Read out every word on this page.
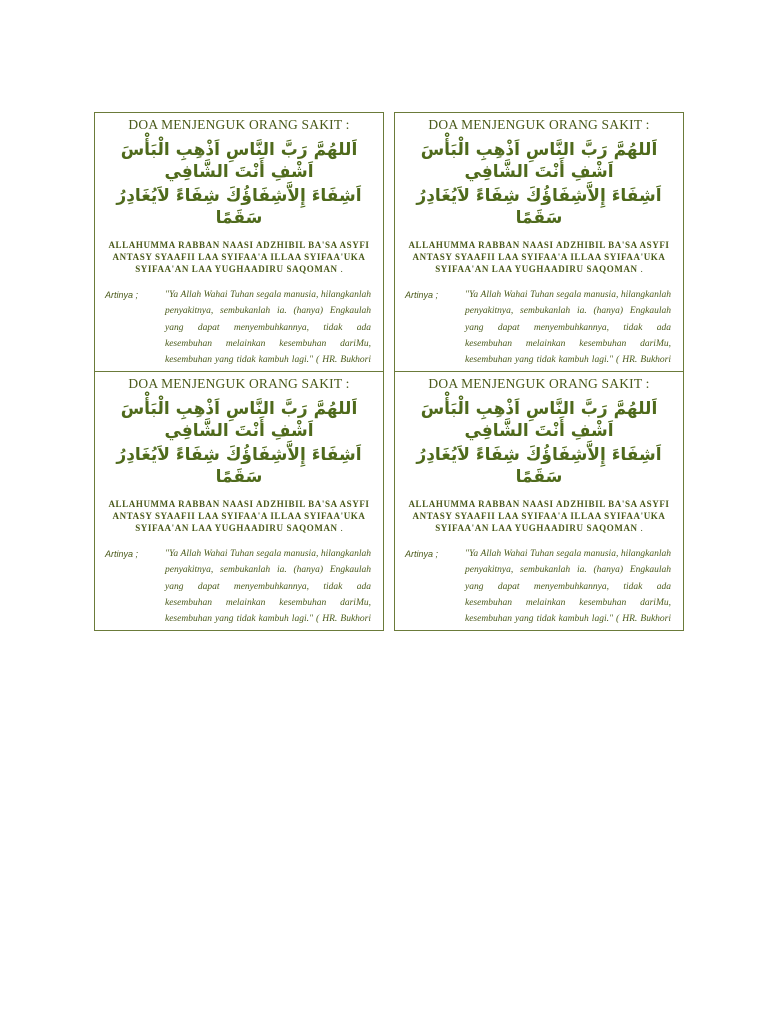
DOA MENJENGUK ORANG SAKIT :
اَللهُمَّ رَبَّ النَّاسِ اَذْهِبِ الْبَأْسَ اَشْفِ أَنْتَ الشَّافِي
اَشِفَاءَ إِلاَّشِفَاؤُكَ شِفَاءً لاَيُغَادِرُ سَقَمًا
ALLAHUMMA RABBAN NAASI ADZHIBIL BA'SA ASYFI ANTASY SYAAFII LAA SYIFAA'A ILLAA SYIFAA'UKA SYIFAA'AN LAA YUGHAADIRU SAQOMAN .
Artinya ;	"Ya Allah Wahai Tuhan segala manusia, hilangkanlah penyakitnya, sembukanlah ia. (hanya) Engkaulah yang dapat menyembuhkannya, tidak ada kesembuhan melainkan kesembuhan dariMu, kesembuhan yang tidak kambuh lagi." ( HR. Bukhori
DOA MENJENGUK ORANG SAKIT :
اَللهُمَّ رَبَّ النَّاسِ اَذْهِبِ الْبَأْسَ اَشْفِ أَنْتَ الشَّافِي
اَشِفَاءَ إِلاَّشِفَاؤُكَ شِفَاءً لاَيُغَادِرُ سَقَمًا
ALLAHUMMA RABBAN NAASI ADZHIBIL BA'SA ASYFI ANTASY SYAAFII LAA SYIFAA'A ILLAA SYIFAA'UKA SYIFAA'AN LAA YUGHAADIRU SAQOMAN .
Artinya ;	"Ya Allah Wahai Tuhan segala manusia, hilangkanlah penyakitnya, sembukanlah ia. (hanya) Engkaulah yang dapat menyembuhkannya, tidak ada kesembuhan melainkan kesembuhan dariMu, kesembuhan yang tidak kambuh lagi." ( HR. Bukhori
DOA MENJENGUK ORANG SAKIT :
اَللهُمَّ رَبَّ النَّاسِ اَذْهِبِ الْبَأْسَ اَشْفِ أَنْتَ الشَّافِي
اَشِفَاءَ إِلاَّشِفَاؤُكَ شِفَاءً لاَيُغَادِرُ سَقَمًا
ALLAHUMMA RABBAN NAASI ADZHIBIL BA'SA ASYFI ANTASY SYAAFII LAA SYIFAA'A ILLAA SYIFAA'UKA SYIFAA'AN LAA YUGHAADIRU SAQOMAN .
Artinya ;	"Ya Allah Wahai Tuhan segala manusia, hilangkanlah penyakitnya, sembukanlah ia. (hanya) Engkaulah yang dapat menyembuhkannya, tidak ada kesembuhan melainkan kesembuhan dariMu, kesembuhan yang tidak kambuh lagi." ( HR. Bukhori
DOA MENJENGUK ORANG SAKIT :
اَللهُمَّ رَبَّ النَّاسِ اَذْهِبِ الْبَأْسَ اَشْفِ أَنْتَ الشَّافِي
اَشِفَاءَ إِلاَّشِفَاؤُكَ شِفَاءً لاَيُغَادِرُ سَقَمًا
ALLAHUMMA RABBAN NAASI ADZHIBIL BA'SA ASYFI ANTASY SYAAFII LAA SYIFAA'A ILLAA SYIFAA'UKA SYIFAA'AN LAA YUGHAADIRU SAQOMAN .
Artinya ;	"Ya Allah Wahai Tuhan segala manusia, hilangkanlah penyakitnya, sembukanlah ia. (hanya) Engkaulah yang dapat menyembuhkannya, tidak ada kesembuhan melainkan kesembuhan dariMu, kesembuhan yang tidak kambuh lagi." ( HR. Bukhori
